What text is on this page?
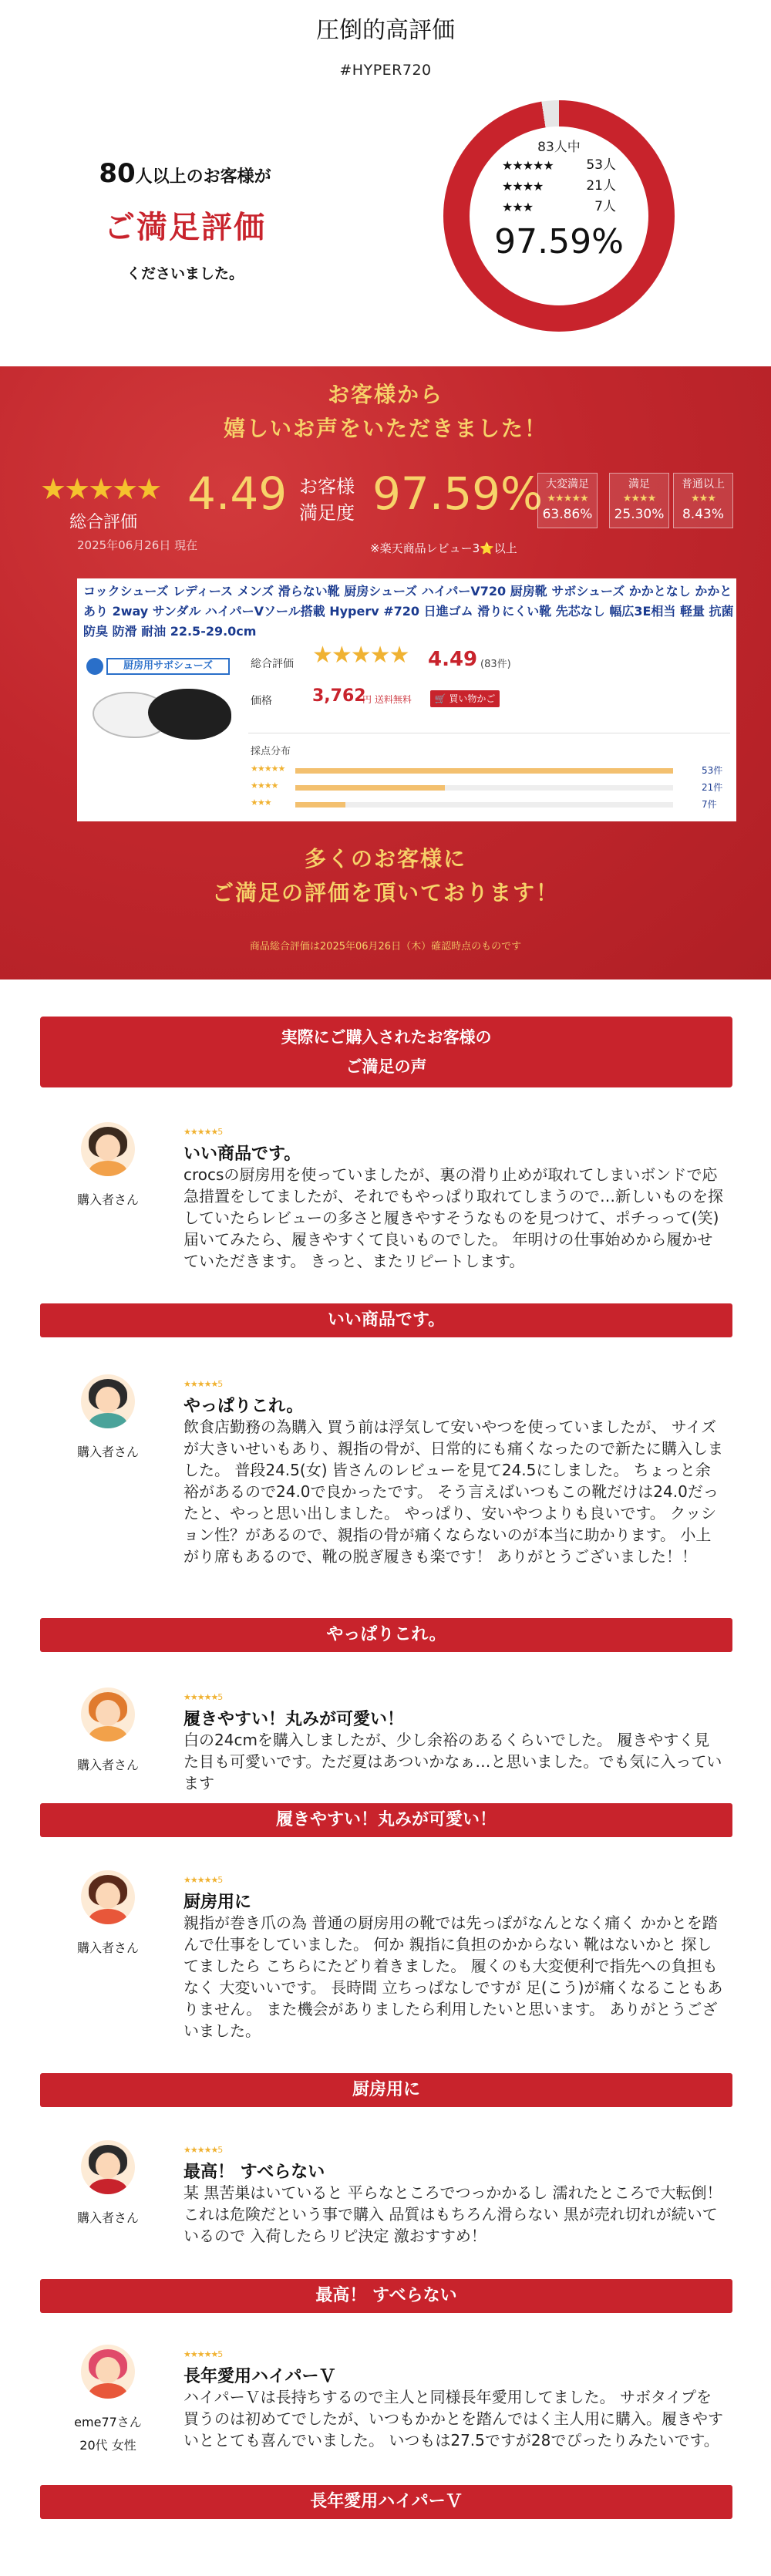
圧倒的高評価
#HYPER720
80人以上のお客様が
ご満足評価
くださいました。
83人中
★★★★★	53人
★★★★	21人
★★★	7人
97.59%
お客様から
嬉しいお声をいただきました！
★★★★★
総合評価
2025年06月26日 現在
4.49 お客様
満足度 97.59%
※楽天商品レビュー3⭐以上
大変満足
★★★★★
63.86%
満足
★★★★
25.30%
普通以上
★★★
8.43%
コックシューズ レディース メンズ 滑らない靴 厨房シューズ ハイパーV720 厨房靴 サボシューズ かかとなし かかとあり 2way サンダル ハイパーVソール搭載 Hyperv #720 日進ゴム 滑りにくい靴 先芯なし 幅広3E相当 軽量 抗菌 防臭 防滑 耐油 22.5-29.0cm
厨房用サボシューズ	総合評価 ★★★★★ 4.49 (83件)
価格 3,762
円 送料無料	🛒 買い物かご
採点分布
★★★★★	53件
★★★★	21件
★★★	7件
多くのお客様に
ご満足の評価を頂いております！
商品総合評価は2025年06月26日（木）確認時点のものです
実際にご購入されたお客様の
ご満足の声
購入者さん
★★★★★5
いい商品です。
crocsの厨房用を使っていましたが、裏の滑り止めが取れてしまいボンドで応急措置をしてましたが、それでもやっぱり取れてしまうので…新しいものを探していたらレビューの多さと履きやすそうなものを見つけて、ポチっって(笑) 届いてみたら、履きやすくて良いものでした。 年明けの仕事始めから履かせていただきます。 きっと、またリピートします。
いい商品です。
購入者さん
★★★★★5
やっぱりこれ。
飲食店勤務の為購入 買う前は浮気して安いやつを使っていましたが、 サイズが大きいせいもあり、親指の骨が、日常的にも痛くなったので新たに購入しました。 普段24.5(女) 皆さんのレビューを見て24.5にしました。 ちょっと余裕があるので24.0で良かったです。 そう言えばいつもこの靴だけは24.0だったと、やっと思い出しました。 やっぱり、安いやつよりも良いです。 クッション性？があるので、親指の骨が痛くならないのが本当に助かります。 小上がり席もあるので、靴の脱ぎ履きも楽です！ ありがとうございました！！
やっぱりこれ。
購入者さん
★★★★★5
履きやすい！丸みが可愛い！
白の24cmを購入しましたが、少し余裕のあるくらいでした。 履きやすく見た目も可愛いです。ただ夏はあついかなぁ…と思いました。でも気に入っています
履きやすい！丸みが可愛い！
購入者さん
★★★★★5
厨房用に
親指が巻き爪の為 普通の厨房用の靴では先っぽがなんとなく痛く かかとを踏んで仕事をしていました。 何か 親指に負担のかからない 靴はないかと 探してましたら こちらにたどり着きました。 履くのも大変便利で指先への負担もなく 大変いいです。 長時間 立ちっぱなしですが 足(こう)が痛くなることもありません。 また機会がありましたら利用したいと思います。 ありがとうございました。
厨房用に
購入者さん
★★★★★5
最高！ すべらない
某 黒苦巣はいていると 平らなところでつっかかるし 濡れたところで大転倒！ これは危険だという事で購入 品質はもちろん滑らない 黒が売れ切れが続いているので 入荷したらリピ決定 激おすすめ！
最高！ すべらない
eme77さん
20代 女性
★★★★★5
長年愛用ハイパーＶ
ハイパーＶは長持ちするので主人と同様長年愛用してました。 サボタイプを買うのは初めてでしたが、いつもかかとを踏んではく主人用に購入。履きやすいととても喜んでいました。 いつもは27.5ですが28でぴったりみたいです。
長年愛用ハイパーＶ
